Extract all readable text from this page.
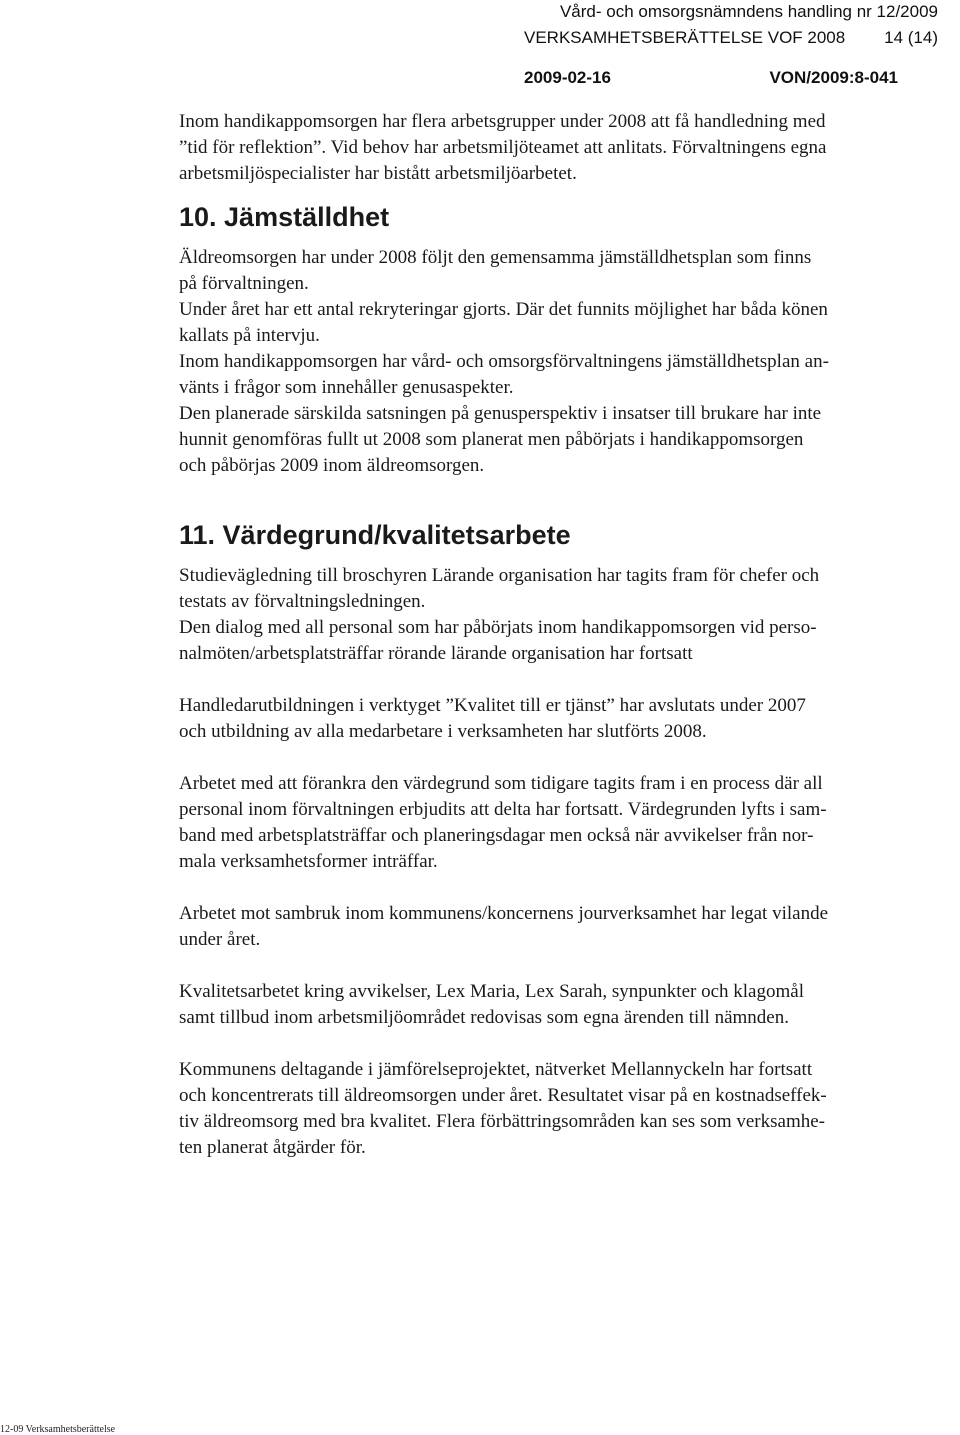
Vård- och omsorgsnämndens handling nr 12/2009
VERKSAMHETSBERÄTTELSE VOF 2008 14 (14)
2009-02-16	VON/2009:8-041

Inom handikappomsorgen har flera arbetsgrupper under 2008 att få handledning med

”tid för reflektion”. Vid behov har arbetsmiljöteamet att anlitats. Förvaltningens egna

arbetsmiljöspecialister har bistått arbetsmiljöarbetet.

10. Jämställdhet

Äldreomsorgen har under 2008 följt den gemensamma jämställdhetsplan som finns

på förvaltningen.

Under året har ett antal rekryteringar gjorts. Där det funnits möjlighet har båda könen

kallats på intervju.

Inom handikappomsorgen har vård- och omsorgsförvaltningens jämställdhetsplan an-

vänts i frågor som innehåller genusaspekter.

Den planerade särskilda satsningen på genusperspektiv i insatser till brukare har inte

hunnit genomföras fullt ut 2008 som planerat men påbörjats i handikappomsorgen

och påbörjas 2009 inom äldreomsorgen.

11. Värdegrund/kvalitetsarbete

Studievägledning till broschyren Lärande organisation har tagits fram för chefer och

testats av förvaltningsledningen.

Den dialog med all personal som har påbörjats inom handikappomsorgen vid perso-

nalmöten/arbetsplatsträffar rörande lärande organisation har fortsatt

Handledarutbildningen i verktyget ”Kvalitet till er tjänst” har avslutats under 2007

och utbildning av alla medarbetare i verksamheten har slutförts 2008.

Arbetet med att förankra den värdegrund som tidigare tagits fram i en process där all

personal inom förvaltningen erbjudits att delta har fortsatt. Värdegrunden lyfts i sam-

band med arbetsplatsträffar och planeringsdagar men också när avvikelser från nor-

mala verksamhetsformer inträffar.

Arbetet mot sambruk inom kommunens/koncernens jourverksamhet har legat vilande

under året.

Kvalitetsarbetet kring avvikelser, Lex Maria, Lex Sarah, synpunkter och klagomål

samt tillbud inom arbetsmiljöområdet redovisas som egna ärenden till nämnden.

Kommunens deltagande i jämförelseprojektet, nätverket Mellannyckeln har fortsatt

och koncentrerats till äldreomsorgen under året. Resultatet visar på en kostnadseffek-

tiv äldreomsorg med bra kvalitet. Flera förbättringsområden kan ses som verksamhe-

ten planerat åtgärder för.

12-09 Verksamhetsberättelse
